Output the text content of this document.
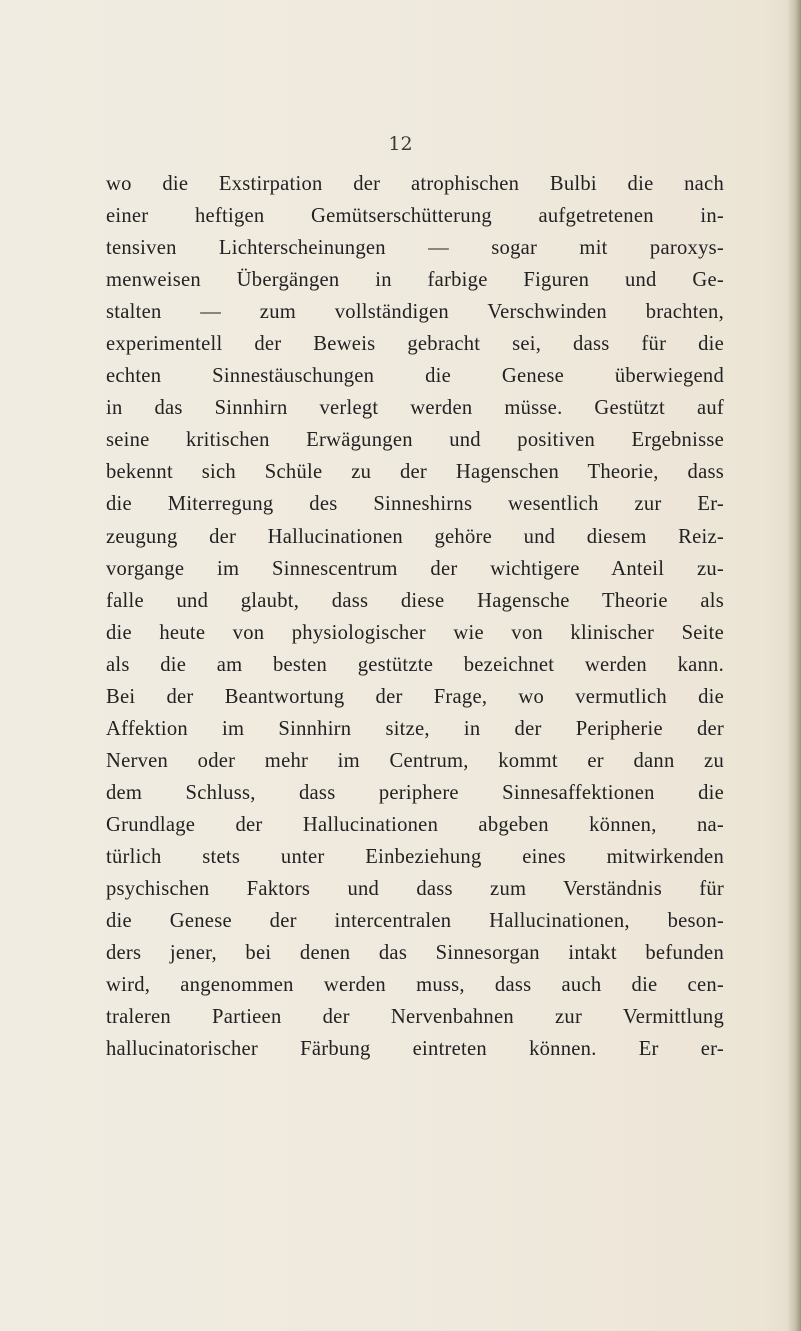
12
wo die Exstirpation der atrophischen Bulbi die nach
einer heftigen Gemütserschütterung aufgetretenen in-
tensiven Lichterscheinungen — sogar mit paroxys-
menweisen Übergängen in farbige Figuren und Ge-
stalten — zum vollständigen Verschwinden brachten,
experimentell der Beweis gebracht sei, dass für die
echten Sinnestäuschungen die Genese überwiegend
in das Sinnhirn verlegt werden müsse. Gestützt auf
seine kritischen Erwägungen und positiven Ergebnisse
bekennt sich Schüle zu der Hagenschen Theorie, dass
die Miterregung des Sinneshirns wesentlich zur Er-
zeugung der Hallucinationen gehöre und diesem Reiz-
vorgange im Sinnescentrum der wichtigere Anteil zu-
falle und glaubt, dass diese Hagensche Theorie als
die heute von physiologischer wie von klinischer Seite
als die am besten gestützte bezeichnet werden kann.
Bei der Beantwortung der Frage, wo vermutlich die
Affektion im Sinnhirn sitze, in der Peripherie der
Nerven oder mehr im Centrum, kommt er dann zu
dem Schluss, dass periphere Sinnesaffektionen die
Grundlage der Hallucinationen abgeben können, na-
türlich stets unter Einbeziehung eines mitwirkenden
psychischen Faktors und dass zum Verständnis für
die Genese der intercentralen Hallucinationen, beson-
ders jener, bei denen das Sinnesorgan intakt befunden
wird, angenommen werden muss, dass auch die cen-
traleren Partieen der Nervenbahnen zur Vermittlung
hallucinatorischer Färbung eintreten können. Er er-
